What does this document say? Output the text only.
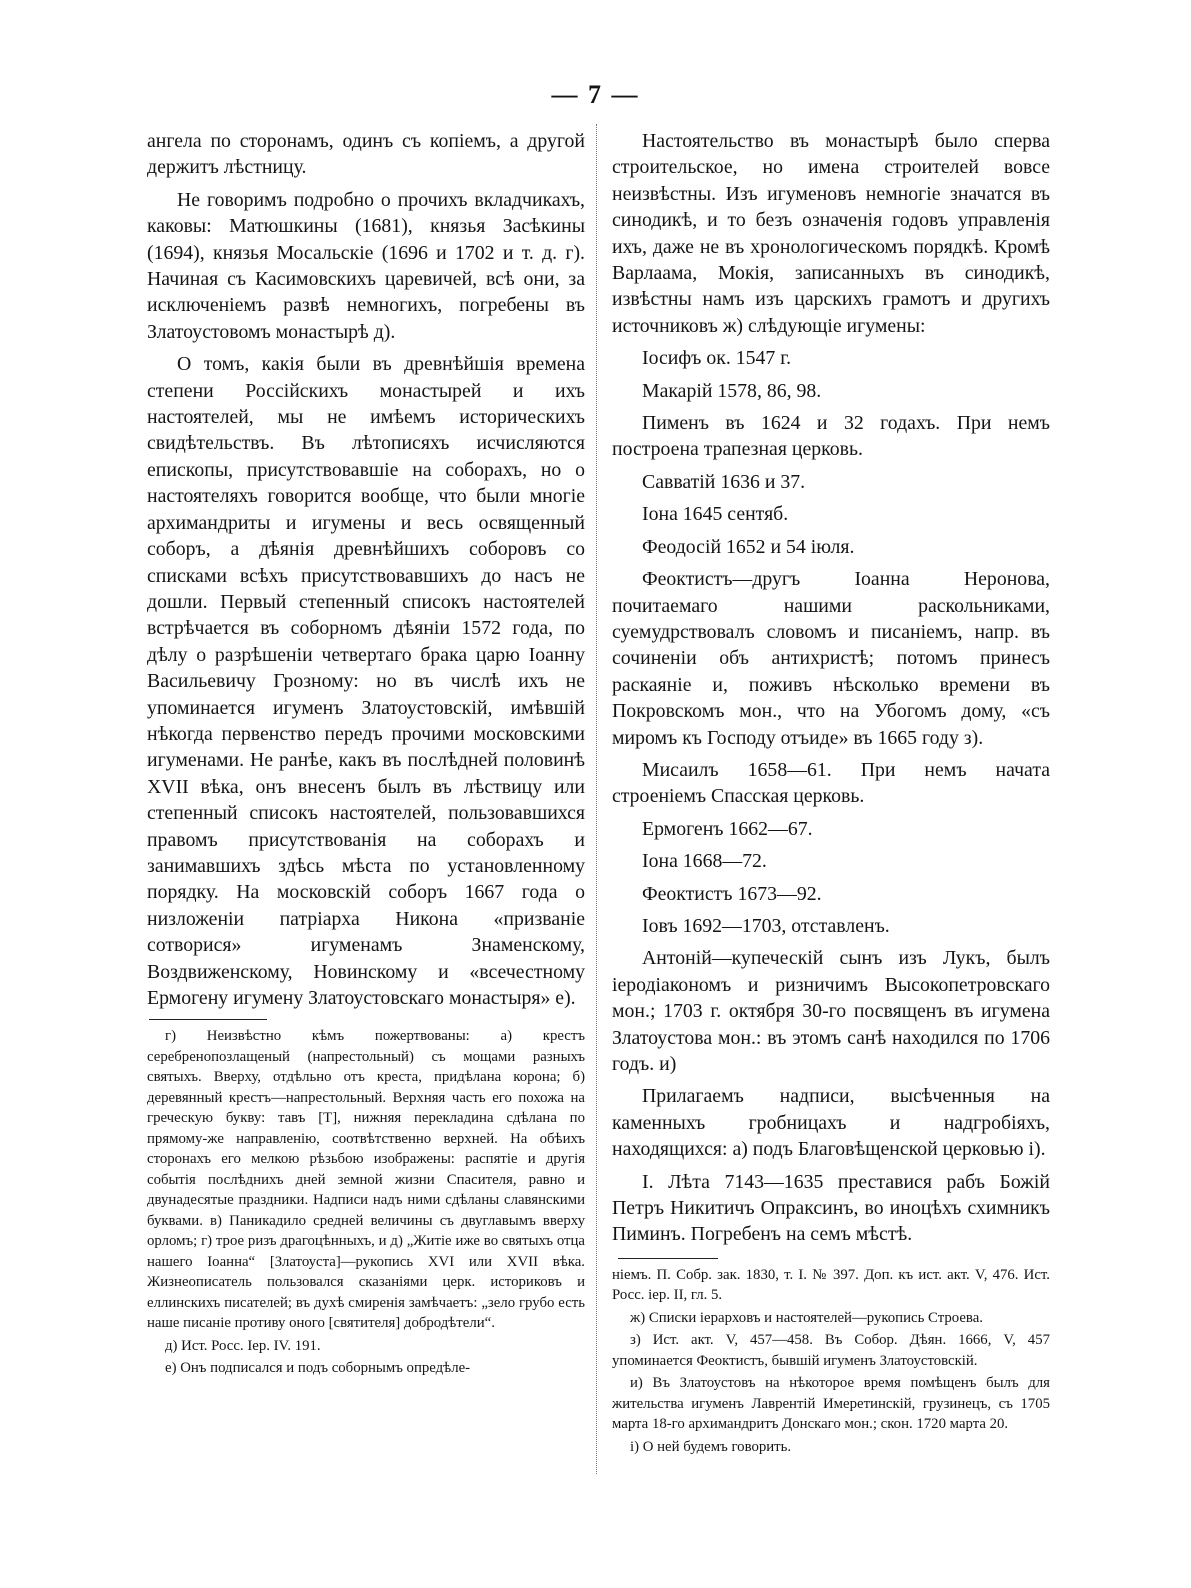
— 7 —

ангела по сторонамъ, одинъ съ копіемъ, а другой держитъ лѣстницу.

Не говоримъ подробно о прочихъ вкладчикахъ, каковы: Матюшкины (1681), князья Засѣкины (1694), князья Мосальскіе (1696 и 1702 и т. д. г). Начиная съ Касимовскихъ царевичей, всѣ они, за исключеніемъ развѣ немногихъ, погребены въ Златоустовомъ монастырѣ д).

О томъ, какія были въ древнѣйшія времена степени Россійскихъ монастырей и ихъ настоятелей, мы не имѣемъ историческихъ свидѣтельствъ. Въ лѣтописяхъ исчисляются епископы, присутствовавшіе на соборахъ, но о настоятеляхъ говорится вообще, что были многіе архимандриты и игумены и весь освященный соборъ, а дѣянія древнѣйшихъ соборовъ со списками всѣхъ присутствовавшихъ до насъ не дошли. Первый степенный списокъ настоятелей встрѣчается въ соборномъ дѣяніи 1572 года, по дѣлу о разрѣшеніи четвертаго брака царю Іоанну Васильевичу Грозному: но въ числѣ ихъ не упоминается игуменъ Златоустовскій, имѣвшій нѣкогда первенство передъ прочими московскими игуменами. Не ранѣе, какъ въ послѣдней половинѣ XVII вѣка, онъ внесенъ былъ въ лѣствицу или степенный списокъ настоятелей, пользовавшихся правомъ присутствованія на соборахъ и занимавшихъ здѣсь мѣста по установленному порядку. На московскій соборъ 1667 года о низложеніи патріарха Никона «призваніе сотворися» игуменамъ Знаменскому, Воздвиженскому, Новинскому и «всечестному Ермогену игумену Златоустовскаго монастыря» е).

г) Неизвѣстно кѣмъ пожертвованы: а) крестъ серебренопозлащеный (напрестольный) съ мощами разныхъ святыхъ. Вверху, отдѣльно отъ креста, придѣлана корона; б) деревянный крестъ—напрестольный. Верхняя часть его похожа на греческую букву: тавъ [Т], нижняя перекладина сдѣлана по прямому-же направленію, соотвѣтственно верхней. На обѣихъ сторонахъ его мелкою рѣзьбою изображены: распятіе и другія событія послѣднихъ дней земной жизни Спасителя, равно и двунадесятые праздники. Надписи надъ ними сдѣланы славянскими буквами. в) Паникадило средней величины съ двуглавымъ вверху орломъ; г) трое ризъ драгоцѣнныхъ, и д) „Житіе иже во святыхъ отца нашего Іоанна“ [Златоуста]—рукопись XVI или XVII вѣка. Жизнеописатель пользовался сказаніями церк. историковъ и еллинскихъ писателей; въ духѣ смиренія замѣчаетъ: „зело грубо есть наше писаніе противу оного [святителя] добродѣтели“.

д) Ист. Росс. Іер. IV. 191.

е) Онъ подписался и подъ соборнымъ опредѣле-

Настоятельство въ монастырѣ было сперва строительское, но имена строителей вовсе неизвѣстны. Изъ игуменовъ немногіе значатся въ синодикѣ, и то безъ означенія годовъ управленія ихъ, даже не въ хронологическомъ порядкѣ. Кромѣ Варлаама, Мокія, записанныхъ въ синодикѣ, извѣстны намъ изъ царскихъ грамотъ и другихъ источниковъ ж) слѣдующіе игумены:

Іосифъ ок. 1547 г.

Макарій 1578, 86, 98.

Пименъ въ 1624 и 32 годахъ. При немъ построена трапезная церковь.

Савватій 1636 и 37.

Іона 1645 сентяб.

Феодосій 1652 и 54 іюля.

Феоктистъ—другъ Іоанна Неронова, почитаемаго нашими раскольниками, суемудрствовалъ словомъ и писаніемъ, напр. въ сочиненіи объ антихристѣ; потомъ принесъ раскаяніе и, поживъ нѣсколько времени въ Покровскомъ мон., что на Убогомъ дому, «съ миромъ къ Господу отъиде» въ 1665 году з).

Мисаилъ 1658—61. При немъ начата строеніемъ Спасская церковь.

Ермогенъ 1662—67.

Іона 1668—72.

Феоктистъ 1673—92.

Іовъ 1692—1703, отставленъ.

Антоній—купеческій сынъ изъ Лукъ, былъ іеродіакономъ и ризничимъ Высокопетровскаго мон.; 1703 г. октября 30-го посвященъ въ игумена Златоустова мон.: въ этомъ санѣ находился по 1706 годъ. и)

Прилагаемъ надписи, высѣченныя на каменныхъ гробницахъ и надгробіяхъ, находящихся: а) подъ Благовѣщенской церковью і).

I. Лѣта 7143—1635 преставися рабъ Божій Петръ Никитичъ Опраксинъ, во иноцѣхъ схимникъ Пиминъ. Погребенъ на семъ мѣстѣ.

ніемъ. П. Собр. зак. 1830, т. I. № 397. Доп. къ ист. акт. V, 476. Ист. Росс. іер. II, гл. 5.

ж) Списки іерарховъ и настоятелей—рукопись Строева.

з) Ист. акт. V, 457—458. Въ Собор. Дѣян. 1666, V, 457 упоминается Феоктистъ, бывшій игуменъ Златоустовскій.

и) Въ Златоустовъ на нѣкоторое время помѣщенъ былъ для жительства игуменъ Лаврентій Имеретинскій, грузинецъ, съ 1705 марта 18-го архимандритъ Донскаго мон.; скон. 1720 марта 20.

і) О ней будемъ говорить.
